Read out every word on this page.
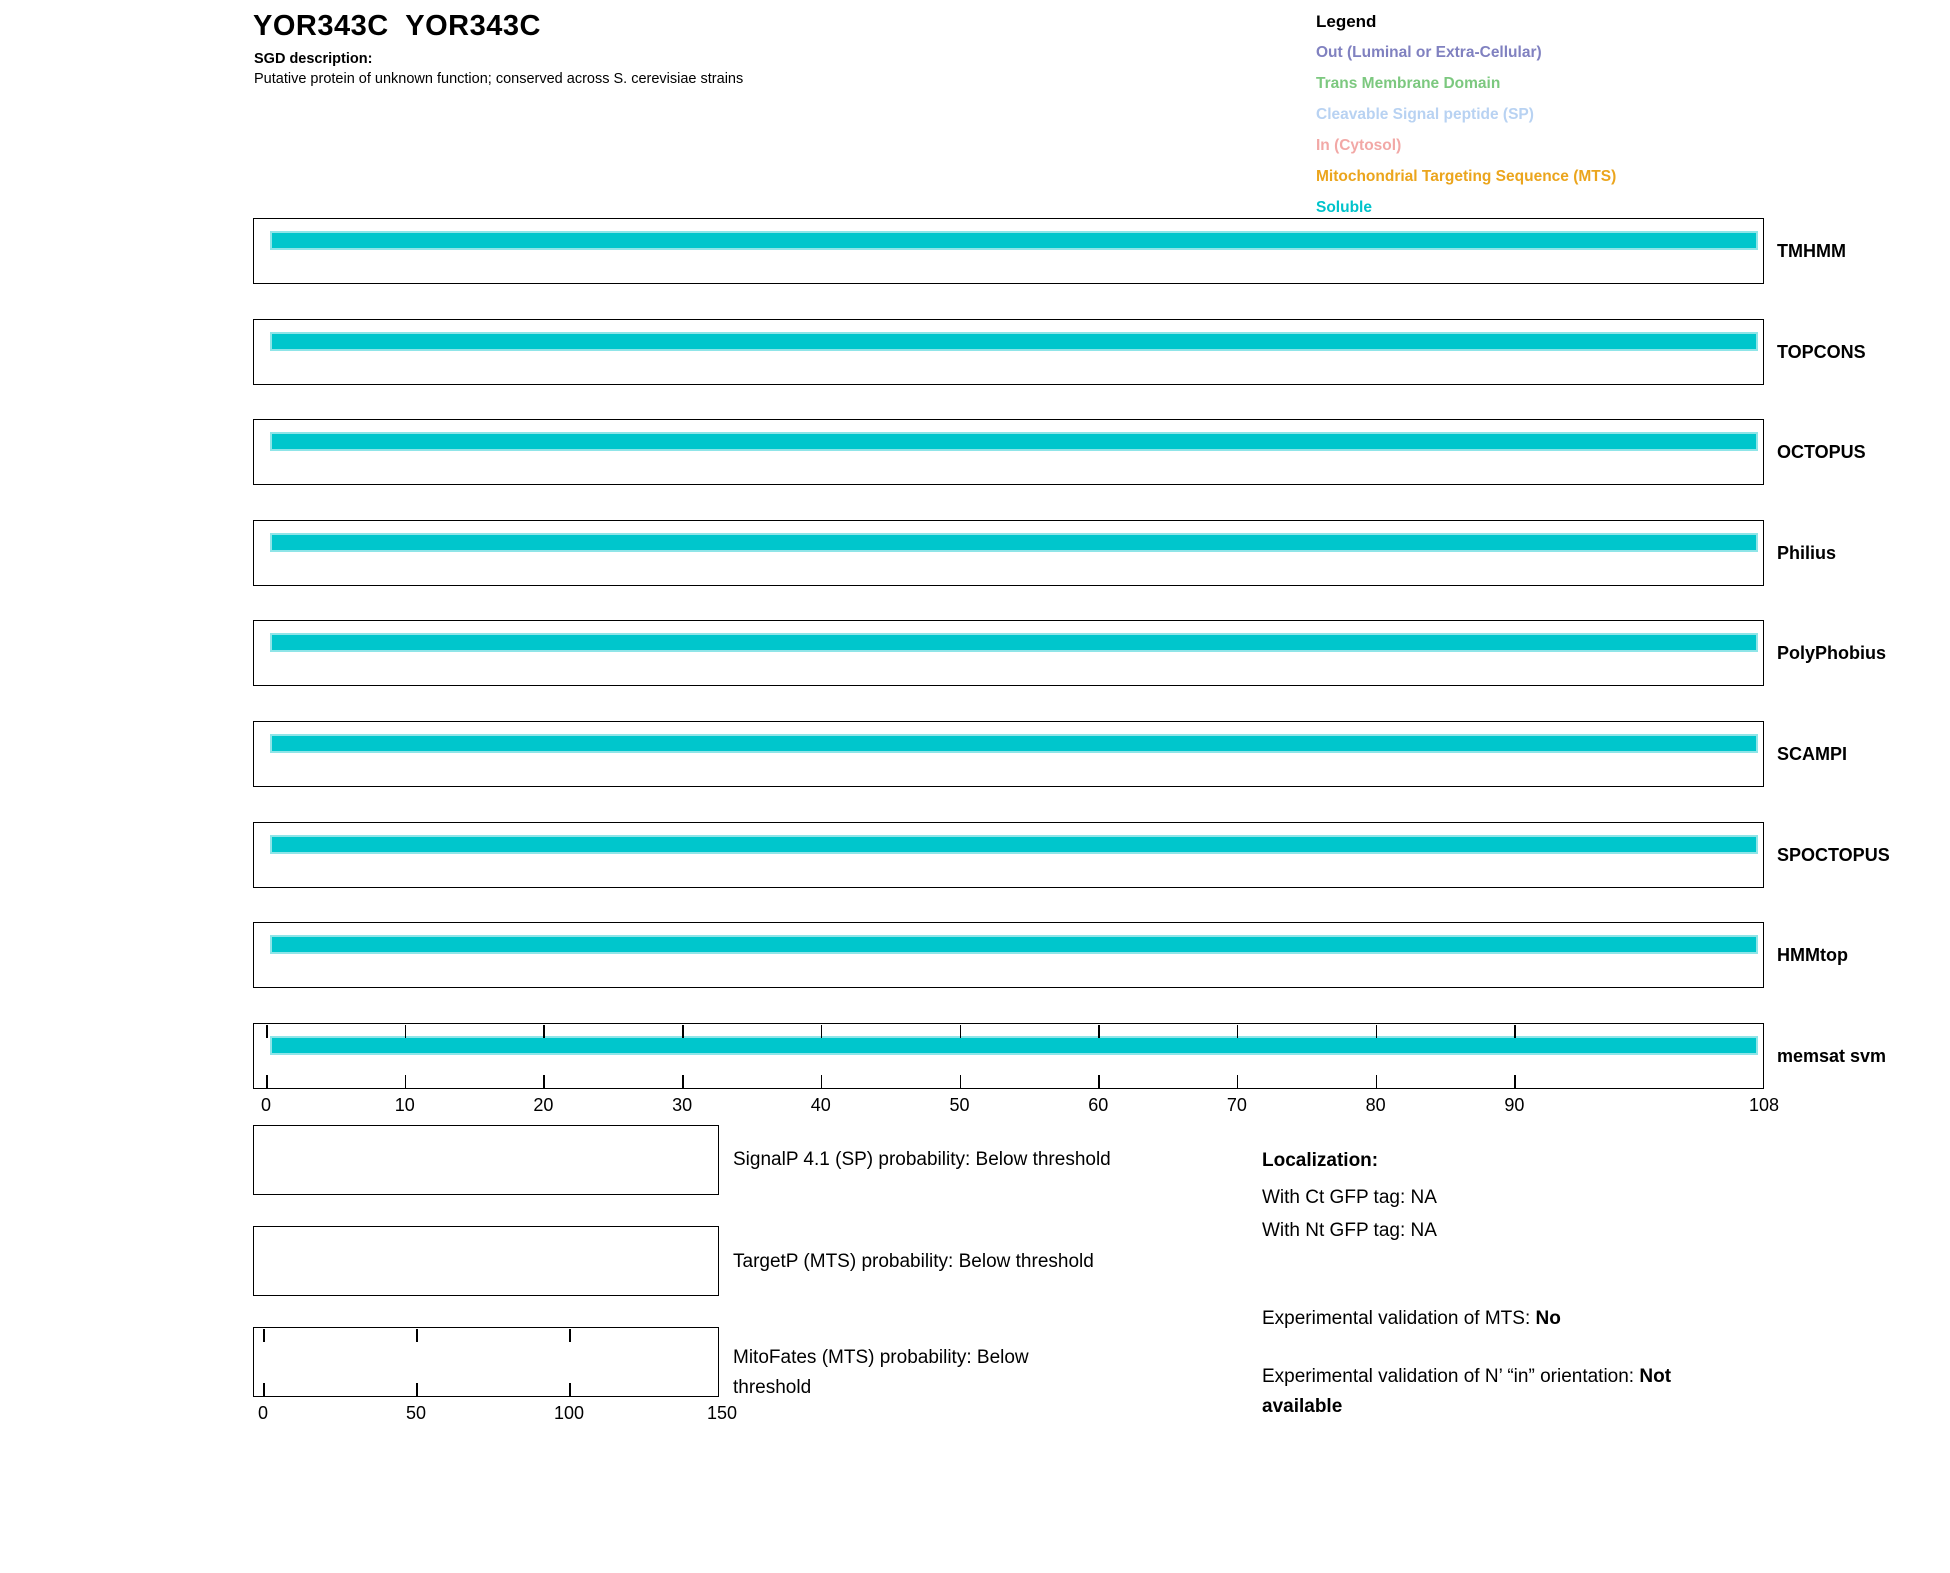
YOR343C  YOR343C
SGD description:
Putative protein of unknown function; conserved across S. cerevisiae strains
Legend
Out (Luminal or Extra-Cellular)
Trans Membrane Domain
Cleavable Signal peptide (SP)
In (Cytosol)
Mitochondrial Targeting Sequence (MTS)
Soluble
TMHMM
TOPCONS
OCTOPUS
Philius
PolyPhobius
SCAMPI
SPOCTOPUS
HMMtop
memsat svm
0	10	20	30	40	50	60	70	80	90	108
SignalP 4.1 (SP) probability: Below threshold
TargetP (MTS) probability: Below threshold
MitoFates (MTS) probability: Below threshold
0	50	100	150
Localization:
With Ct GFP tag: NA
With Nt GFP tag: NA
Experimental validation of MTS: No
Experimental validation of N’ “in” orientation: Not available
